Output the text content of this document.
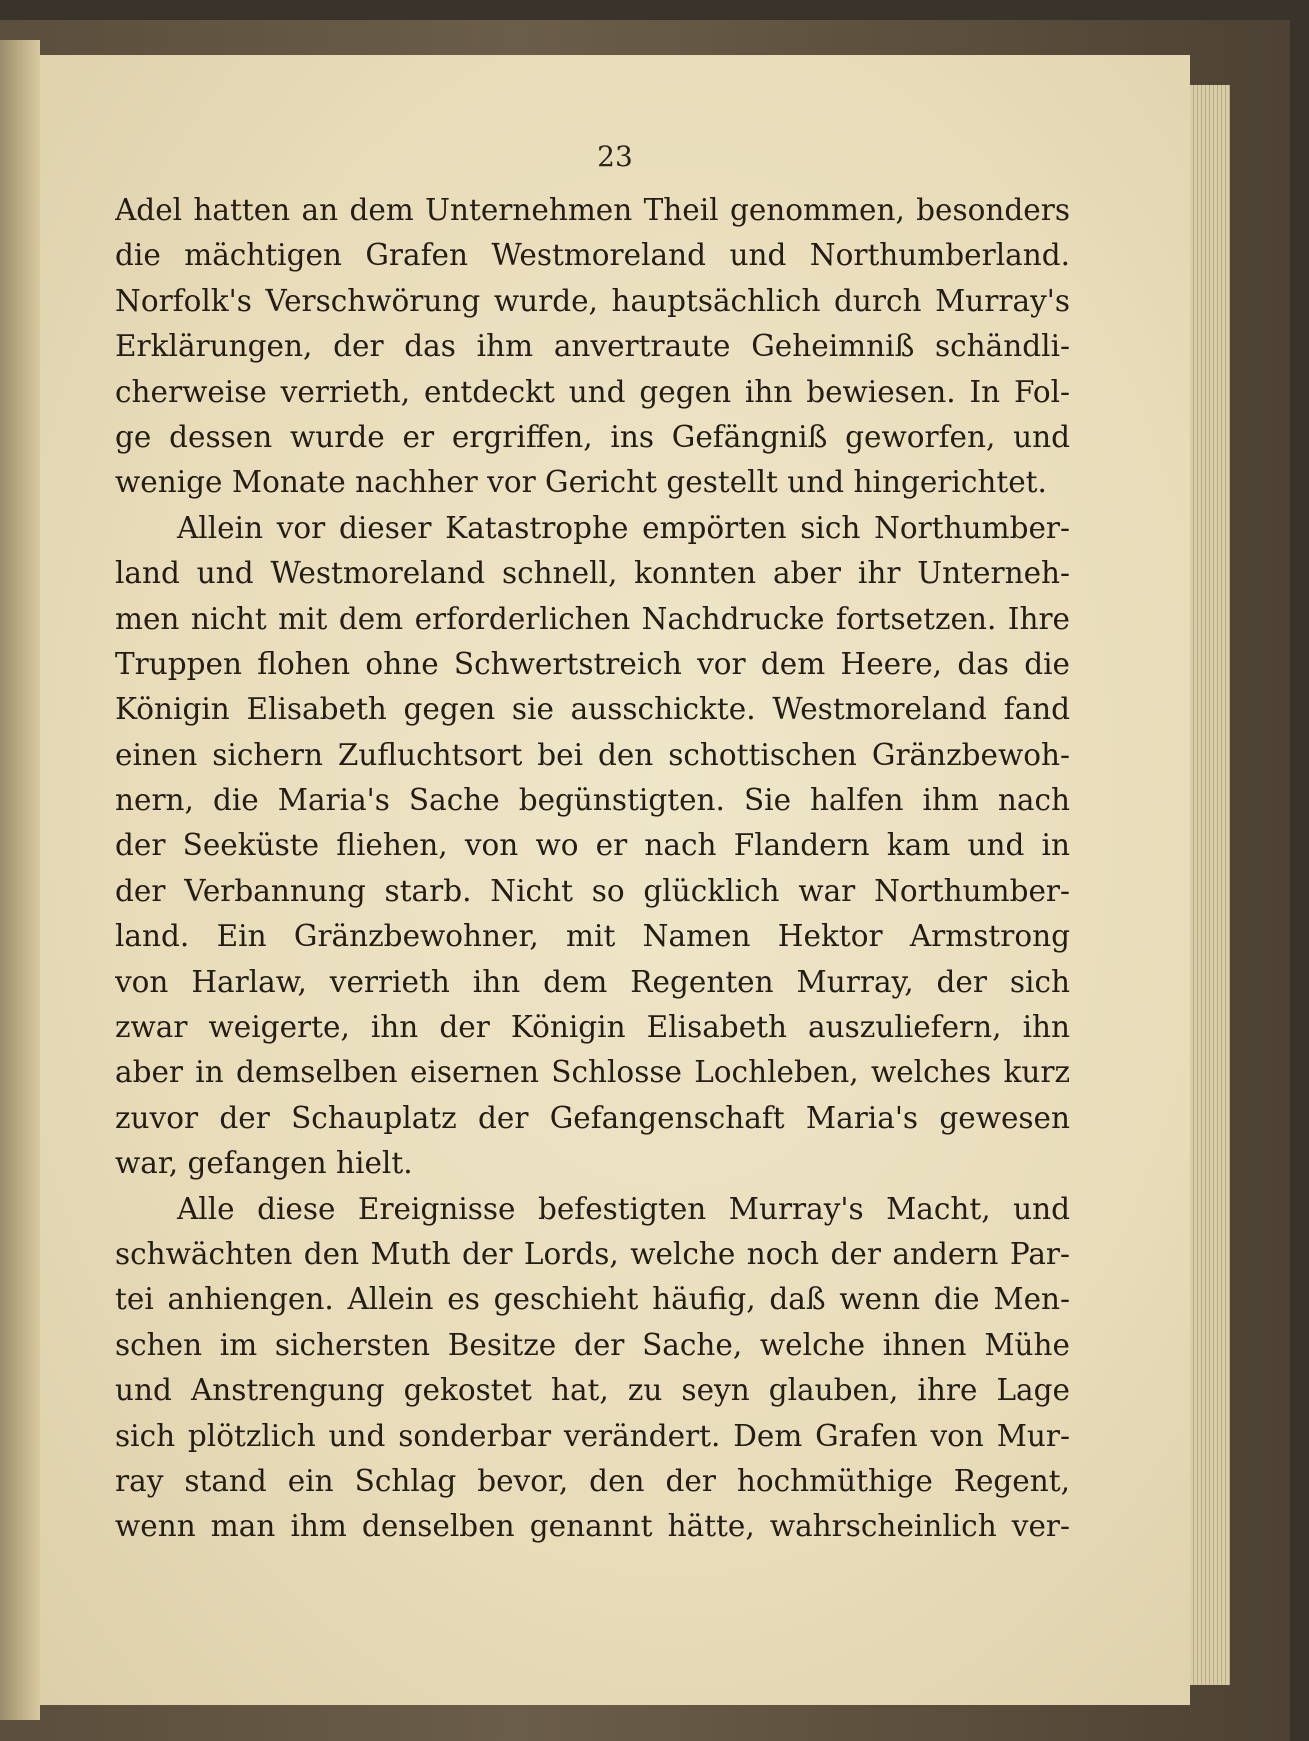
23
Adel hatten an dem Unternehmen Theil genommen, besonders
die mächtigen Grafen Westmoreland und Northumberland.
Norfolk's Verschwörung wurde, hauptsächlich durch Murray's
Erklärungen, der das ihm anvertraute Geheimniß schändli-
cherweise verrieth, entdeckt und gegen ihn bewiesen. In Fol-
ge dessen wurde er ergriffen, ins Gefängniß geworfen, und
wenige Monate nachher vor Gericht gestellt und hingerichtet.
Allein vor dieser Katastrophe empörten sich Northumber-
land und Westmoreland schnell, konnten aber ihr Unterneh-
men nicht mit dem erforderlichen Nachdrucke fortsetzen. Ihre
Truppen flohen ohne Schwertstreich vor dem Heere, das die
Königin Elisabeth gegen sie ausschickte. Westmoreland fand
einen sichern Zufluchtsort bei den schottischen Gränzbewoh-
nern, die Maria's Sache begünstigten. Sie halfen ihm nach
der Seeküste fliehen, von wo er nach Flandern kam und in
der Verbannung starb. Nicht so glücklich war Northumber-
land. Ein Gränzbewohner, mit Namen Hektor Armstrong
von Harlaw, verrieth ihn dem Regenten Murray, der sich
zwar weigerte, ihn der Königin Elisabeth auszuliefern, ihn
aber in demselben eisernen Schlosse Lochleben, welches kurz
zuvor der Schauplatz der Gefangenschaft Maria's gewesen
war, gefangen hielt.
Alle diese Ereignisse befestigten Murray's Macht, und
schwächten den Muth der Lords, welche noch der andern Par-
tei anhiengen. Allein es geschieht häufig, daß wenn die Men-
schen im sichersten Besitze der Sache, welche ihnen Mühe
und Anstrengung gekostet hat, zu seyn glauben, ihre Lage
sich plötzlich und sonderbar verändert. Dem Grafen von Mur-
ray stand ein Schlag bevor, den der hochmüthige Regent,
wenn man ihm denselben genannt hätte, wahrscheinlich ver-
